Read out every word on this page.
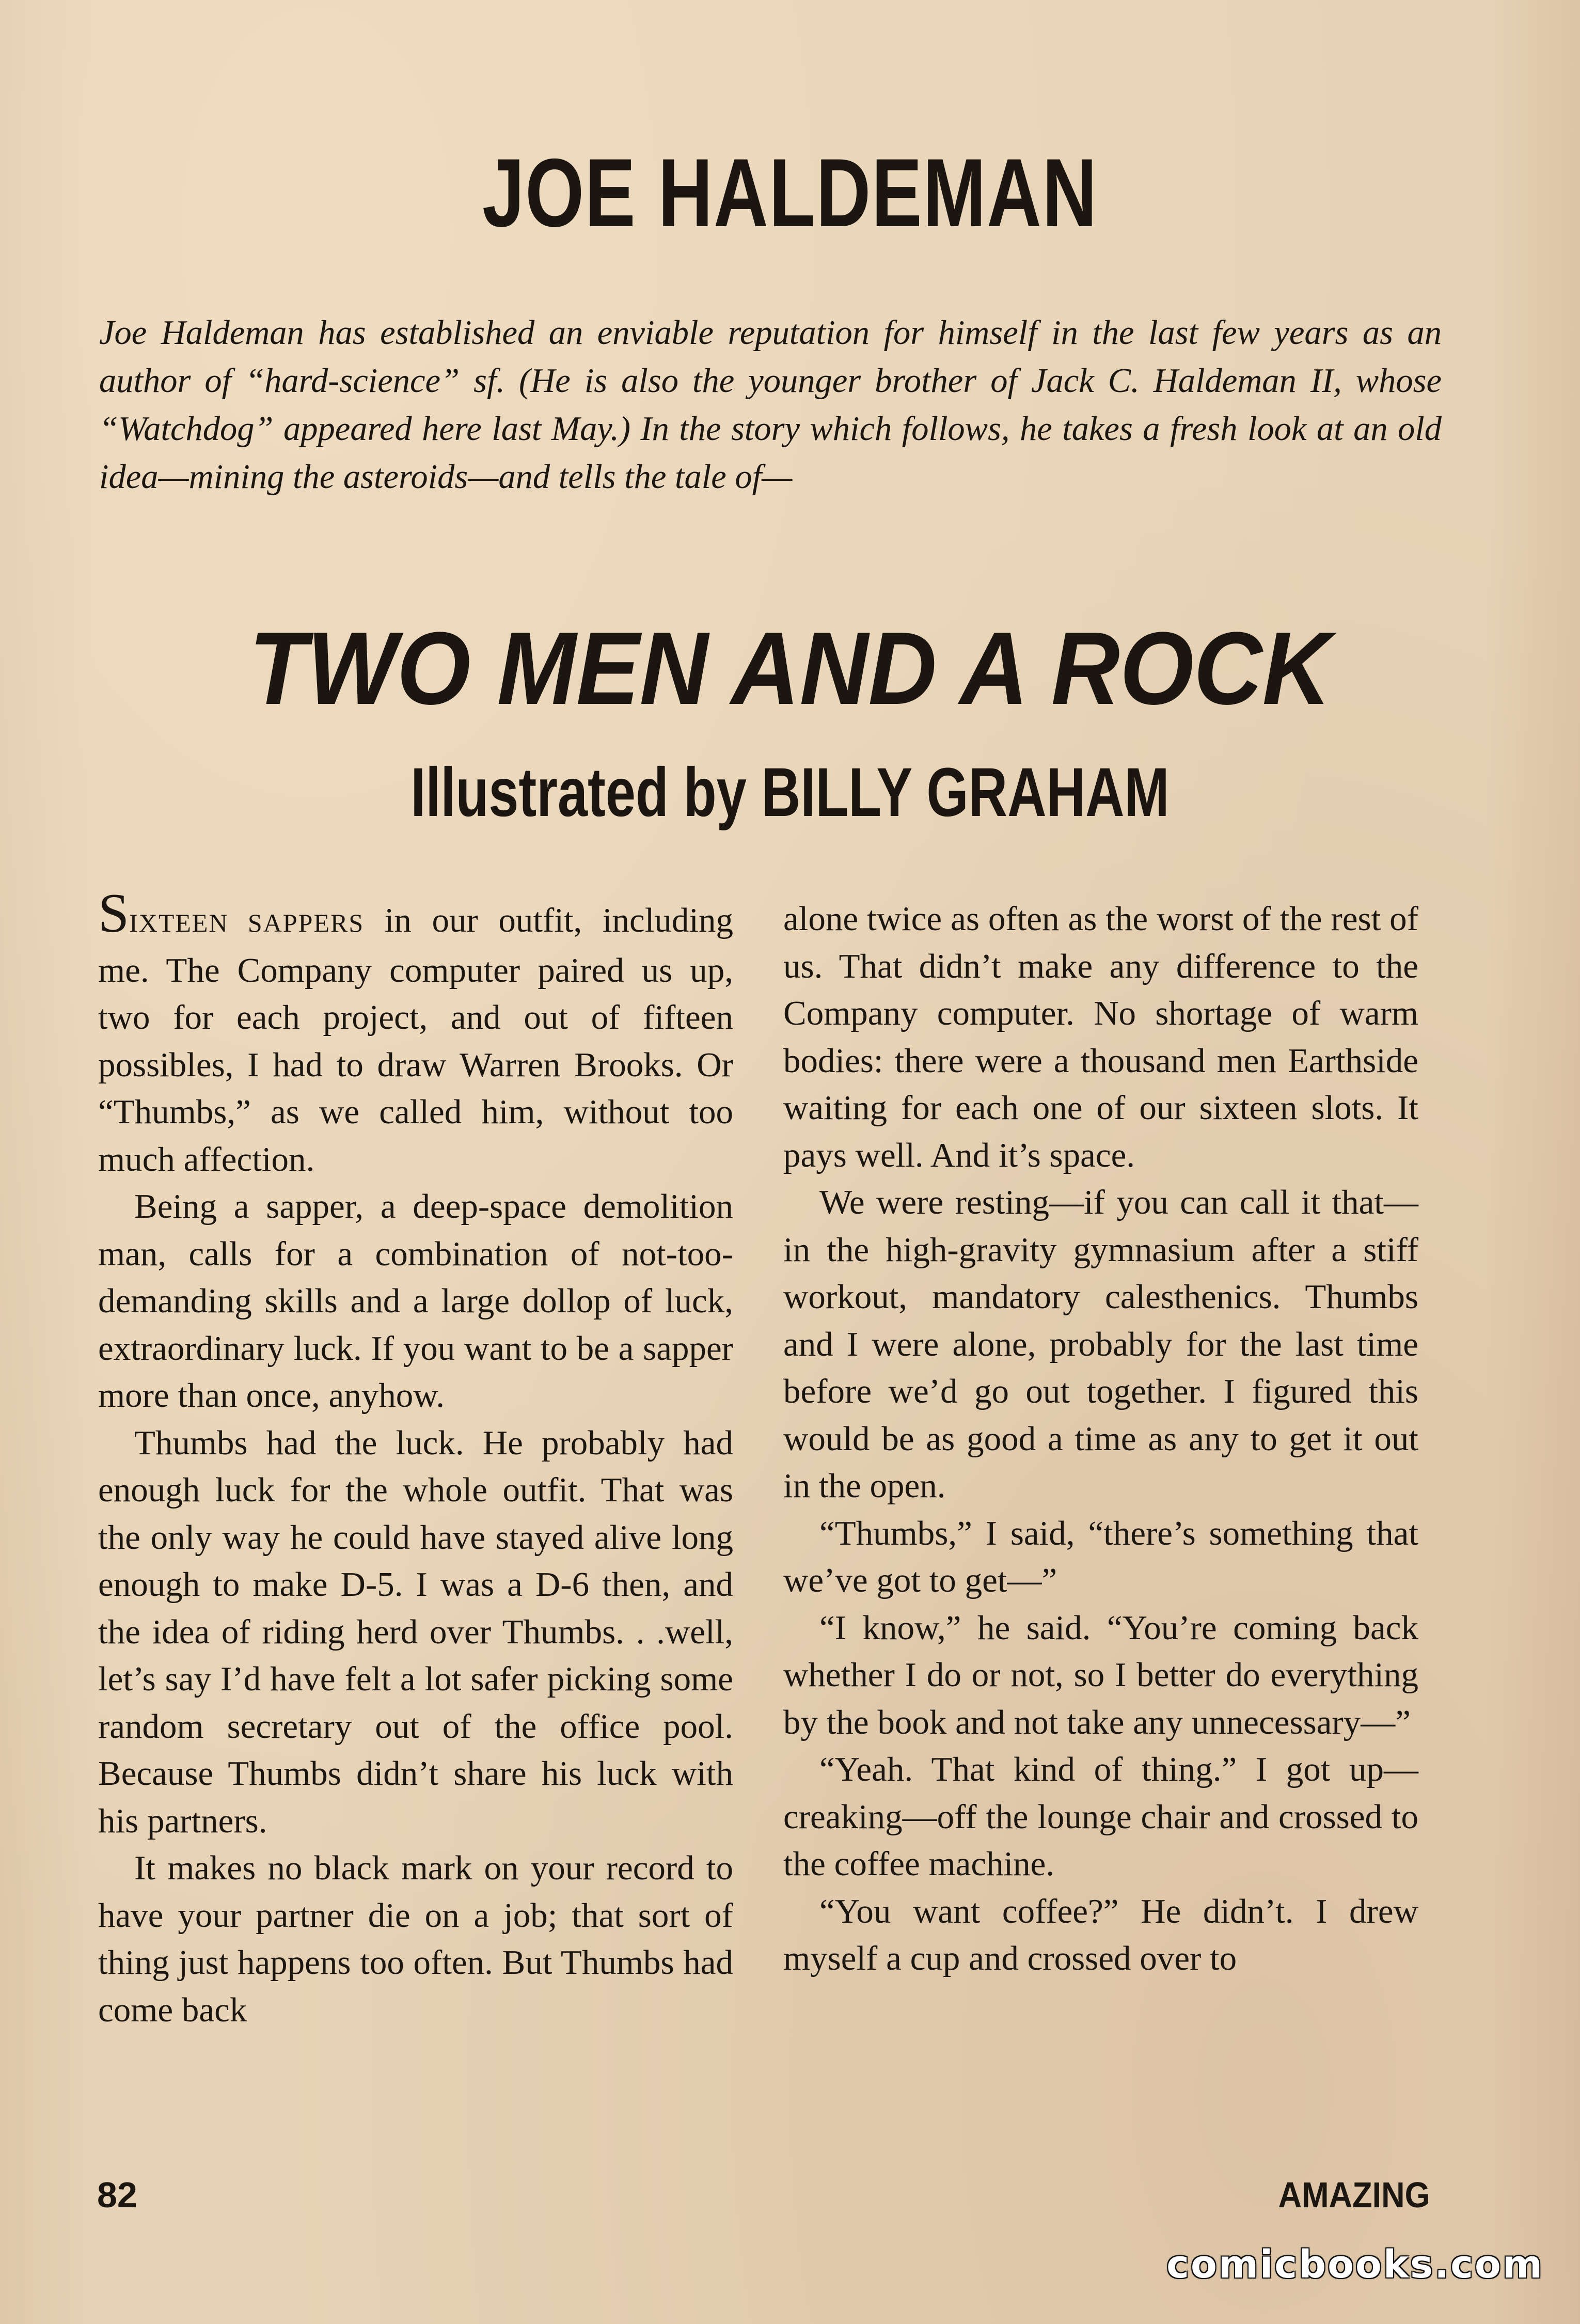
JOE HALDEMAN
Joe Haldeman has established an enviable reputation for himself in the last few years as an author of “hard-science” sf. (He is also the younger brother of Jack C. Haldeman II, whose “Watchdog” appeared here last May.) In the story which follows, he takes a fresh look at an old idea—mining the asteroids—and tells the tale of—
TWO MEN AND A ROCK
Illustrated by BILLY GRAHAM

SIXTEEN SAPPERS in our outfit, including me. The Company computer paired us up, two for each project, and out of fifteen possibles, I had to draw Warren Brooks. Or “Thumbs,” as we called him, without too much affection.

Being a sapper, a deep-space demolition man, calls for a combination of not-too-demanding skills and a large dollop of luck, extraordinary luck. If you want to be a sapper more than once, anyhow.

Thumbs had the luck. He probably had enough luck for the whole outfit. That was the only way he could have stayed alive long enough to make D-5. I was a D-6 then, and the idea of riding herd over Thumbs. . .well, let’s say I’d have felt a lot safer picking some random secretary out of the office pool. Because Thumbs didn’t share his luck with his partners.

It makes no black mark on your record to have your partner die on a job; that sort of thing just happens too often. But Thumbs had come back

alone twice as often as the worst of the rest of us. That didn’t make any difference to the Company computer. No shortage of warm bodies: there were a thousand men Earthside waiting for each one of our sixteen slots. It pays well. And it’s space.

We were resting—if you can call it that—in the high-gravity gymnasium after a stiff workout, mandatory calesthenics. Thumbs and I were alone, probably for the last time before we’d go out together. I figured this would be as good a time as any to get it out in the open.

“Thumbs,” I said, “there’s something that we’ve got to get—”

“I know,” he said. “You’re coming back whether I do or not, so I better do everything by the book and not take any unnecessary—”

“Yeah. That kind of thing.” I got up—creaking—off the lounge chair and crossed to the coffee machine.

“You want coffee?” He didn’t. I drew myself a cup and crossed over to

82	AMAZING
comicbooks.com
